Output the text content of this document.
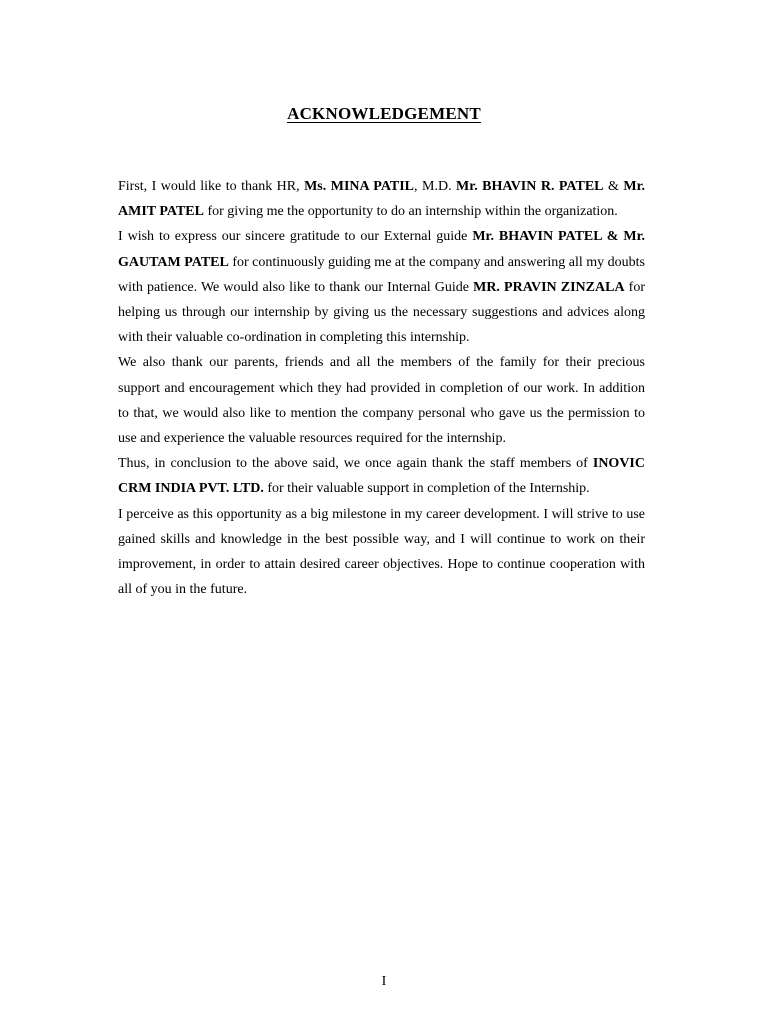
ACKNOWLEDGEMENT

First, I would like to thank HR, Ms. MINA PATIL, M.D. Mr. BHAVIN R. PATEL & Mr. AMIT PATEL for giving me the opportunity to do an internship within the organization.

I wish to express our sincere gratitude to our External guide Mr. BHAVIN PATEL & Mr. GAUTAM PATEL for continuously guiding me at the company and answering all my doubts with patience. We would also like to thank our Internal Guide MR. PRAVIN ZINZALA for helping us through our internship by giving us the necessary suggestions and advices along with their valuable co-ordination in completing this internship.

We also thank our parents, friends and all the members of the family for their precious support and encouragement which they had provided in completion of our work. In addition to that, we would also like to mention the company personal who gave us the permission to use and experience the valuable resources required for the internship.

Thus, in conclusion to the above said, we once again thank the staff members of INOVIC CRM INDIA PVT. LTD. for their valuable support in completion of the Internship.

I perceive as this opportunity as a big milestone in my career development. I will strive to use gained skills and knowledge in the best possible way, and I will continue to work on their improvement, in order to attain desired career objectives. Hope to continue cooperation with all of you in the future.

I
